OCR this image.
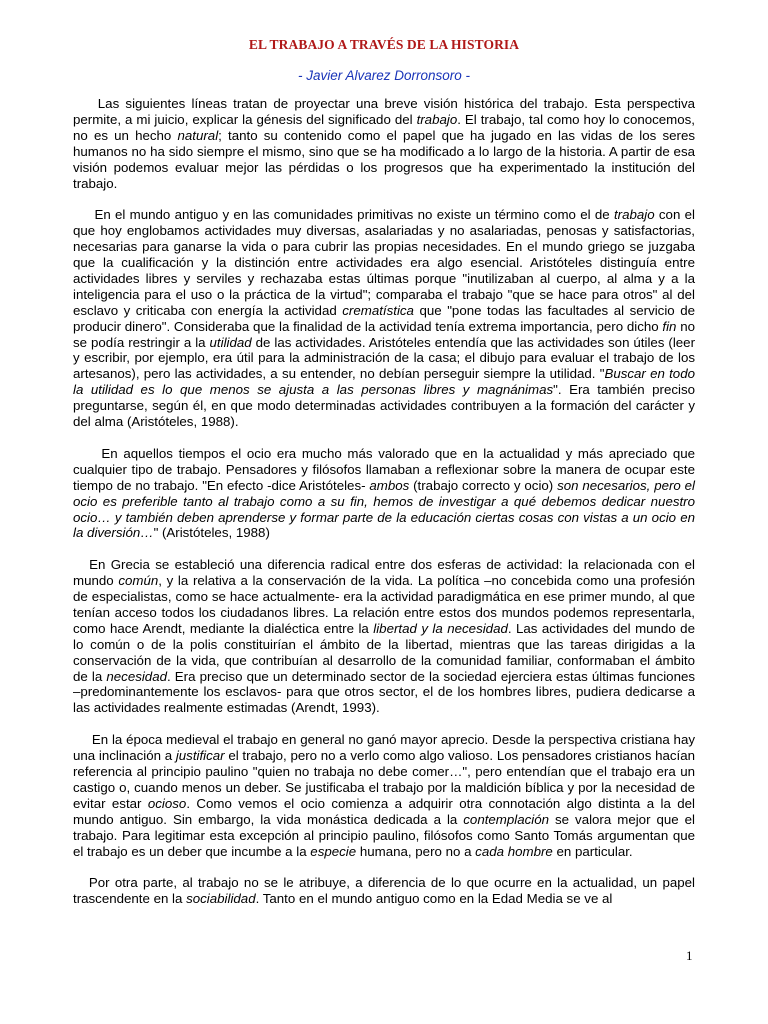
EL TRABAJO A TRAVÉS DE LA HISTORIA
- Javier Alvarez Dorronsoro -

Las siguientes líneas tratan de proyectar una breve visión histórica del trabajo. Esta perspectiva permite, a mi juicio, explicar la génesis del significado del trabajo. El trabajo, tal como hoy lo conocemos, no es un hecho natural; tanto su contenido como el papel que ha jugado en las vidas de los seres humanos no ha sido siempre el mismo, sino que se ha modificado a lo largo de la historia. A partir de esa visión podemos evaluar mejor las pérdidas o los progresos que ha experimentado la institución del trabajo.

En el mundo antiguo y en las comunidades primitivas no existe un término como el de trabajo con el que hoy englobamos actividades muy diversas, asalariadas y no asalariadas, penosas y satisfactorias, necesarias para ganarse la vida o para cubrir las propias necesidades. En el mundo griego se juzgaba que la cualificación y la distinción entre actividades era algo esencial. Aristóteles distinguía entre actividades libres y serviles y rechazaba estas últimas porque "inutilizaban al cuerpo, al alma y a la inteligencia para el uso o la práctica de la virtud"; comparaba el trabajo "que se hace para otros" al del esclavo y criticaba con energía la actividad crematística que "pone todas las facultades al servicio de producir dinero". Consideraba que la finalidad de la actividad tenía extrema importancia, pero dicho fin no se podía restringir a la utilidad de las actividades. Aristóteles entendía que las actividades son útiles (leer y escribir, por ejemplo, era útil para la administración de la casa; el dibujo para evaluar el trabajo de los artesanos), pero las actividades, a su entender, no debían perseguir siempre la utilidad. "Buscar en todo la utilidad es lo que menos se ajusta a las personas libres y magnánimas". Era también preciso preguntarse, según él, en que modo determinadas actividades contribuyen a la formación del carácter y del alma (Aristóteles, 1988).

En aquellos tiempos el ocio era mucho más valorado que en la actualidad y más apreciado que cualquier tipo de trabajo. Pensadores y filósofos llamaban a reflexionar sobre la manera de ocupar este tiempo de no trabajo. "En efecto -dice Aristóteles- ambos (trabajo correcto y ocio) son necesarios, pero el ocio es preferible tanto al trabajo como a su fin, hemos de investigar a qué debemos dedicar nuestro ocio… y también deben aprenderse y formar parte de la educación ciertas cosas con vistas a un ocio en la diversión…" (Aristóteles, 1988)

En Grecia se estableció una diferencia radical entre dos esferas de actividad: la relacionada con el mundo común, y la relativa a la conservación de la vida. La política –no concebida como una profesión de especialistas, como se hace actualmente- era la actividad paradigmática en ese primer mundo, al que tenían acceso todos los ciudadanos libres. La relación entre estos dos mundos podemos representarla, como hace Arendt, mediante la dialéctica entre la libertad y la necesidad. Las actividades del mundo de lo común o de la polis constituirían el ámbito de la libertad, mientras que las tareas dirigidas a la conservación de la vida, que contribuían al desarrollo de la comunidad familiar, conformaban el ámbito de la necesidad. Era preciso que un determinado sector de la sociedad ejerciera estas últimas funciones –predominantemente los esclavos- para que otros sector, el de los hombres libres, pudiera dedicarse a las actividades realmente estimadas (Arendt, 1993).

En la época medieval el trabajo en general no ganó mayor aprecio. Desde la perspectiva cristiana hay una inclinación a justificar el trabajo, pero no a verlo como algo valioso. Los pensadores cristianos hacían referencia al principio paulino "quien no trabaja no debe comer…", pero entendían que el trabajo era un castigo o, cuando menos un deber. Se justificaba el trabajo por la maldición bíblica y por la necesidad de evitar estar ocioso. Como vemos el ocio comienza a adquirir otra connotación algo distinta a la del mundo antiguo. Sin embargo, la vida monástica dedicada a la contemplación se valora mejor que el trabajo. Para legitimar esta excepción al principio paulino, filósofos como Santo Tomás argumentan que el trabajo es un deber que incumbe a la especie humana, pero no a cada hombre en particular.

Por otra parte, al trabajo no se le atribuye, a diferencia de lo que ocurre en la actualidad, un papel trascendente en la sociabilidad. Tanto en el mundo antiguo como en la Edad Media se ve al

1
